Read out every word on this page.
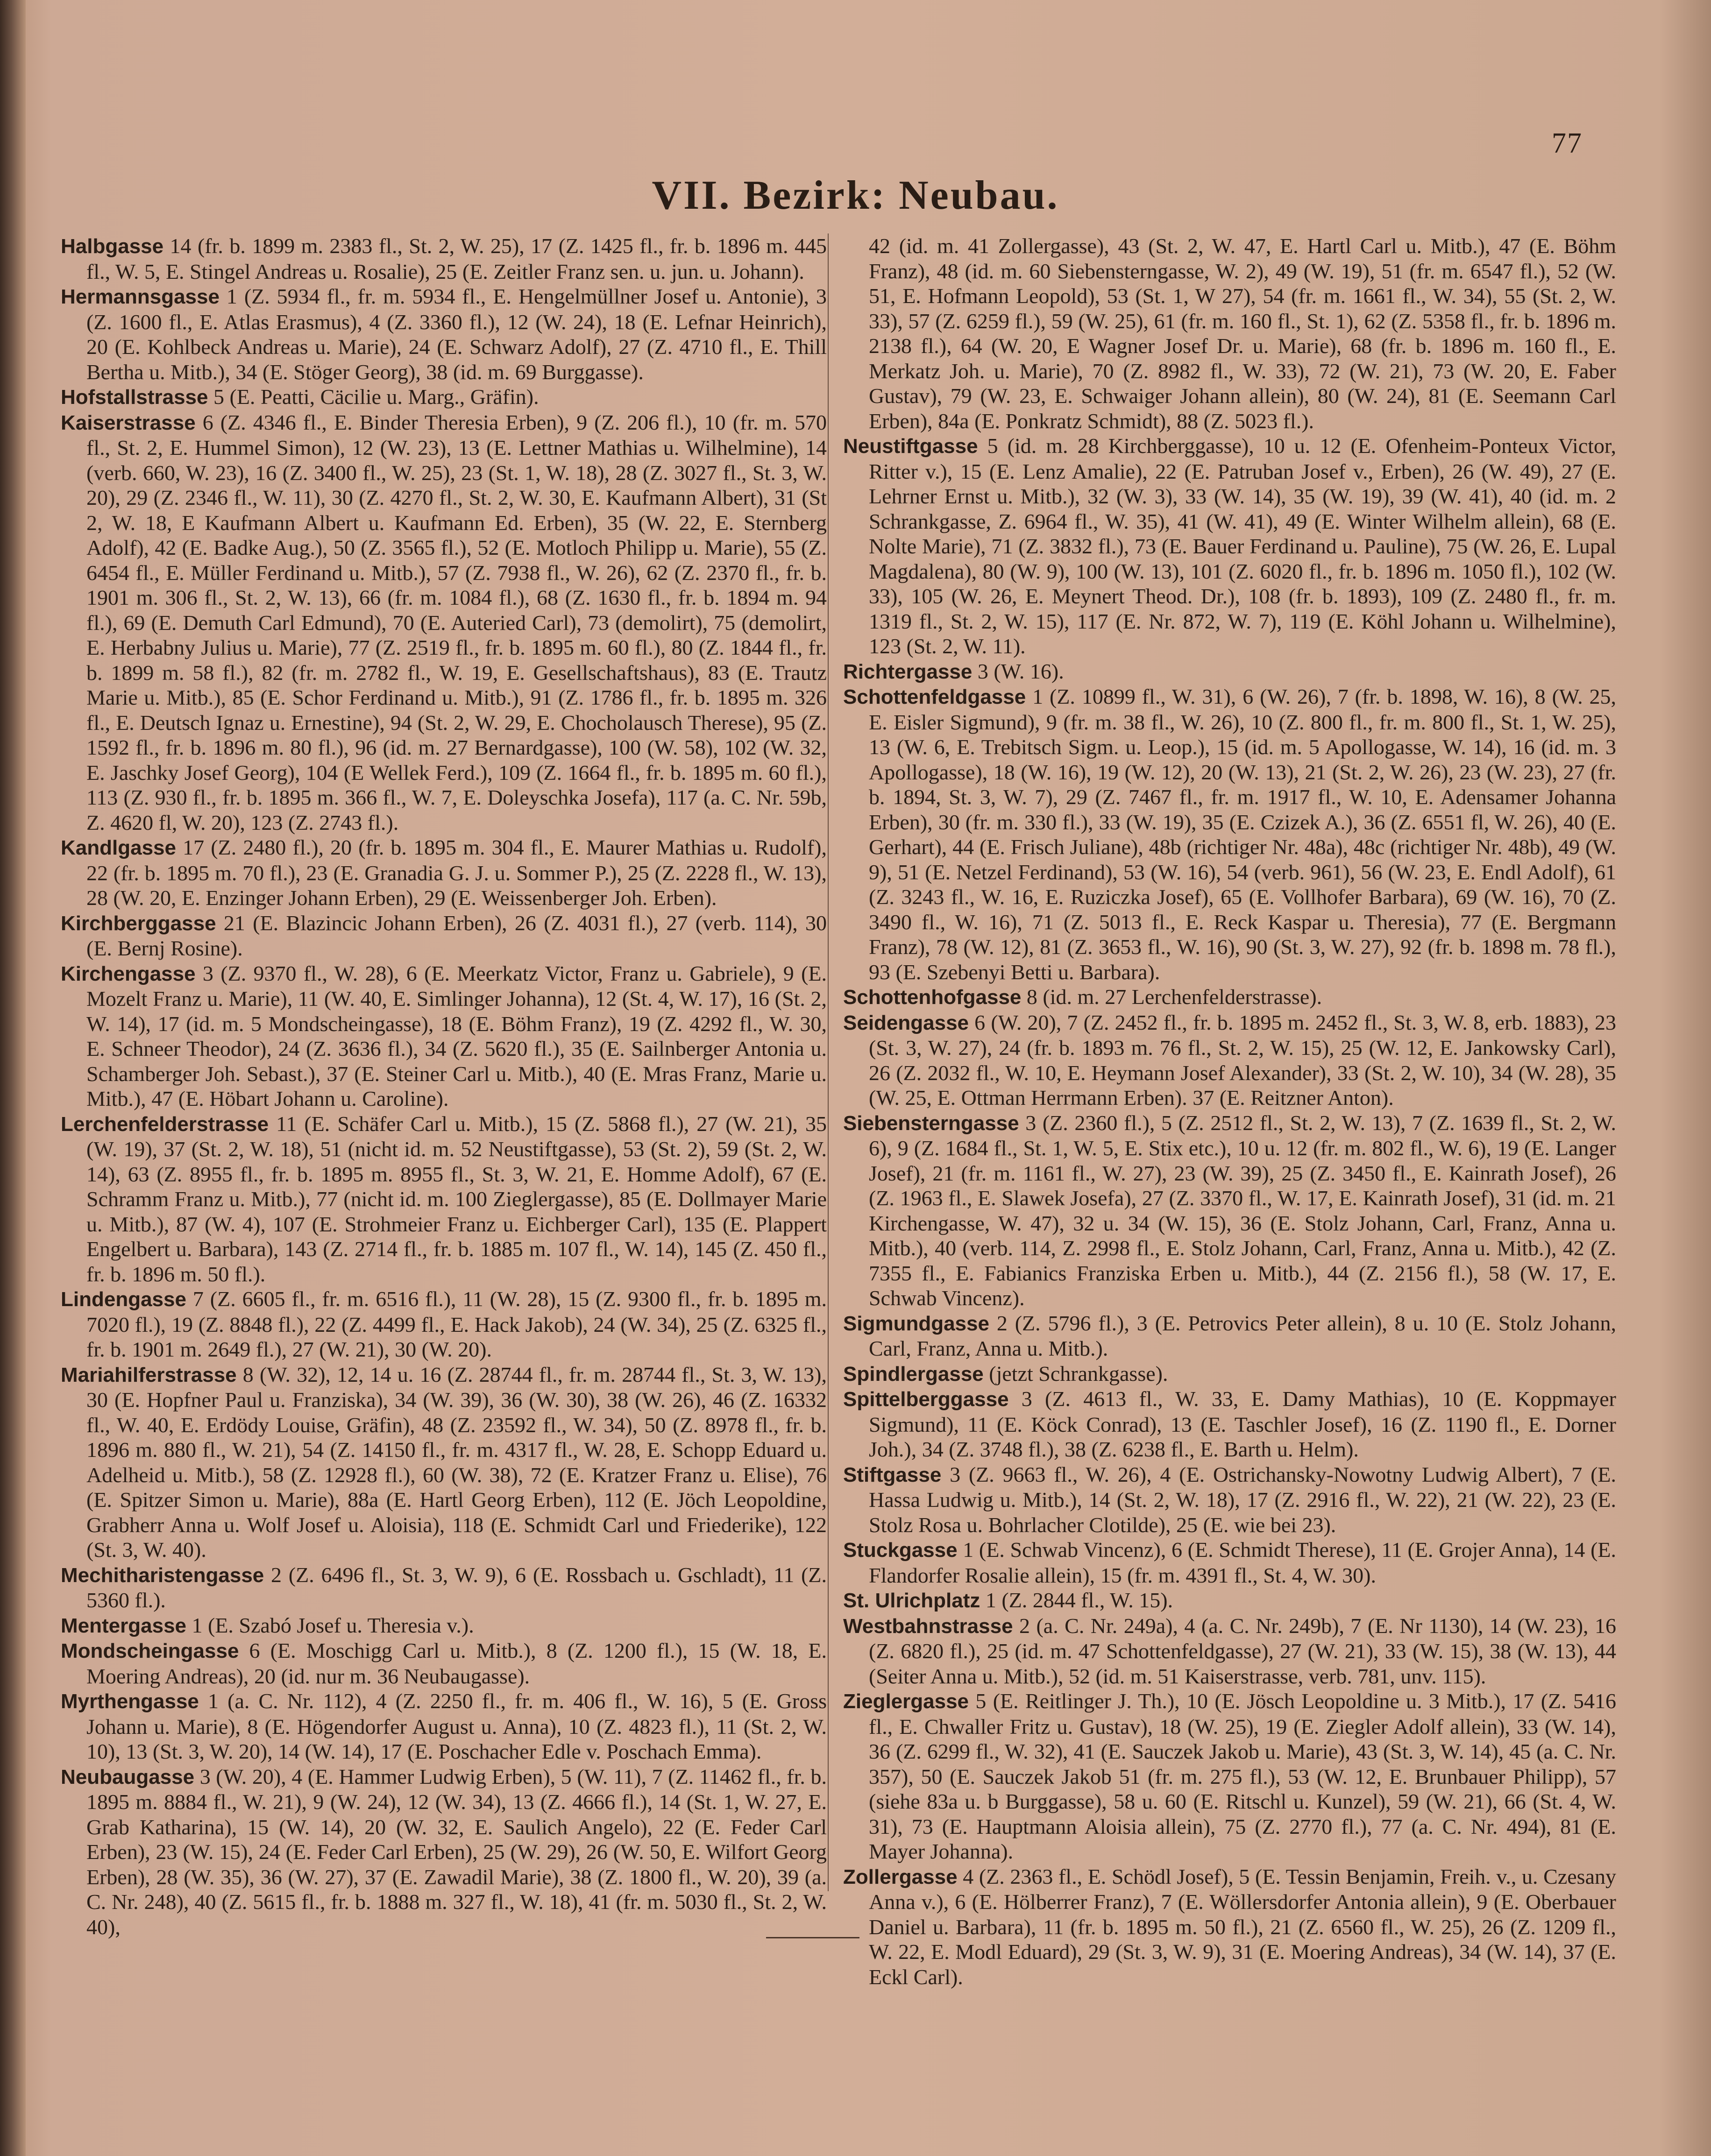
77
VII. Bezirk: Neubau.

Halbgasse 14 (fr. b. 1899 m. 2383 fl., St. 2, W. 25), 17 (Z. 1425 fl., fr. b. 1896 m. 445 fl., W. 5, E. Stingel Andreas u. Rosalie), 25 (E. Zeitler Franz sen. u. jun. u. Johann).

Hermannsgasse 1 (Z. 5934 fl., fr. m. 5934 fl., E. Hengelmüllner Josef u. Antonie), 3 (Z. 1600 fl., E. Atlas Erasmus), 4 (Z. 3360 fl.), 12 (W. 24), 18 (E. Lefnar Heinrich), 20 (E. Kohlbeck Andreas u. Marie), 24 (E. Schwarz Adolf), 27 (Z. 4710 fl., E. Thill Bertha u. Mitb.), 34 (E. Stöger Georg), 38 (id. m. 69 Burggasse).

Hofstallstrasse 5 (E. Peatti, Cäcilie u. Marg., Gräfin).

Kaiserstrasse 6 (Z. 4346 fl., E. Binder Theresia Erben), 9 (Z. 206 fl.), 10 (fr. m. 570 fl., St. 2, E. Hummel Simon), 12 (W. 23), 13 (E. Lettner Mathias u. Wilhelmine), 14 (verb. 660, W. 23), 16 (Z. 3400 fl., W. 25), 23 (St. 1, W. 18), 28 (Z. 3027 fl., St. 3, W. 20), 29 (Z. 2346 fl., W. 11), 30 (Z. 4270 fl., St. 2, W. 30, E. Kaufmann Albert), 31 (St 2, W. 18, E Kaufmann Albert u. Kaufmann Ed. Erben), 35 (W. 22, E. Sternberg Adolf), 42 (E. Badke Aug.), 50 (Z. 3565 fl.), 52 (E. Motloch Philipp u. Marie), 55 (Z. 6454 fl., E. Müller Ferdinand u. Mitb.), 57 (Z. 7938 fl., W. 26), 62 (Z. 2370 fl., fr. b. 1901 m. 306 fl., St. 2, W. 13), 66 (fr. m. 1084 fl.), 68 (Z. 1630 fl., fr. b. 1894 m. 94 fl.), 69 (E. Demuth Carl Edmund), 70 (E. Auteried Carl), 73 (demolirt), 75 (demolirt, E. Herbabny Julius u. Marie), 77 (Z. 2519 fl., fr. b. 1895 m. 60 fl.), 80 (Z. 1844 fl., fr. b. 1899 m. 58 fl.), 82 (fr. m. 2782 fl., W. 19, E. Gesellschaftshaus), 83 (E. Trautz Marie u. Mitb.), 85 (E. Schor Ferdinand u. Mitb.), 91 (Z. 1786 fl., fr. b. 1895 m. 326 fl., E. Deutsch Ignaz u. Ernestine), 94 (St. 2, W. 29, E. Chocholausch Therese), 95 (Z. 1592 fl., fr. b. 1896 m. 80 fl.), 96 (id. m. 27 Bernardgasse), 100 (W. 58), 102 (W. 32, E. Jaschky Josef Georg), 104 (E Wellek Ferd.), 109 (Z. 1664 fl., fr. b. 1895 m. 60 fl.), 113 (Z. 930 fl., fr. b. 1895 m. 366 fl., W. 7, E. Doleyschka Josefa), 117 (a. C. Nr. 59b, Z. 4620 fl, W. 20), 123 (Z. 2743 fl.).

Kandlgasse 17 (Z. 2480 fl.), 20 (fr. b. 1895 m. 304 fl., E. Maurer Mathias u. Rudolf), 22 (fr. b. 1895 m. 70 fl.), 23 (E. Granadia G. J. u. Sommer P.), 25 (Z. 2228 fl., W. 13), 28 (W. 20, E. Enzinger Johann Erben), 29 (E. Weissenberger Joh. Erben).

Kirchberggasse 21 (E. Blazincic Johann Erben), 26 (Z. 4031 fl.), 27 (verb. 114), 30 (E. Bernj Rosine).

Kirchengasse 3 (Z. 9370 fl., W. 28), 6 (E. Meerkatz Victor, Franz u. Gabriele), 9 (E. Mozelt Franz u. Marie), 11 (W. 40, E. Simlinger Johanna), 12 (St. 4, W. 17), 16 (St. 2, W. 14), 17 (id. m. 5 Mondscheingasse), 18 (E. Böhm Franz), 19 (Z. 4292 fl., W. 30, E. Schneer Theodor), 24 (Z. 3636 fl.), 34 (Z. 5620 fl.), 35 (E. Sailnberger Antonia u. Schamberger Joh. Sebast.), 37 (E. Steiner Carl u. Mitb.), 40 (E. Mras Franz, Marie u. Mitb.), 47 (E. Höbart Johann u. Caroline).

Lerchenfelderstrasse 11 (E. Schäfer Carl u. Mitb.), 15 (Z. 5868 fl.), 27 (W. 21), 35 (W. 19), 37 (St. 2, W. 18), 51 (nicht id. m. 52 Neustiftgasse), 53 (St. 2), 59 (St. 2, W. 14), 63 (Z. 8955 fl., fr. b. 1895 m. 8955 fl., St. 3, W. 21, E. Homme Adolf), 67 (E. Schramm Franz u. Mitb.), 77 (nicht id. m. 100 Zieglergasse), 85 (E. Dollmayer Marie u. Mitb.), 87 (W. 4), 107 (E. Strohmeier Franz u. Eichberger Carl), 135 (E. Plappert Engelbert u. Barbara), 143 (Z. 2714 fl., fr. b. 1885 m. 107 fl., W. 14), 145 (Z. 450 fl., fr. b. 1896 m. 50 fl.).

Lindengasse 7 (Z. 6605 fl., fr. m. 6516 fl.), 11 (W. 28), 15 (Z. 9300 fl., fr. b. 1895 m. 7020 fl.), 19 (Z. 8848 fl.), 22 (Z. 4499 fl., E. Hack Jakob), 24 (W. 34), 25 (Z. 6325 fl., fr. b. 1901 m. 2649 fl.), 27 (W. 21), 30 (W. 20).

Mariahilferstrasse 8 (W. 32), 12, 14 u. 16 (Z. 28744 fl., fr. m. 28744 fl., St. 3, W. 13), 30 (E. Hopfner Paul u. Franziska), 34 (W. 39), 36 (W. 30), 38 (W. 26), 46 (Z. 16332 fl., W. 40, E. Erdödy Louise, Gräfin), 48 (Z. 23592 fl., W. 34), 50 (Z. 8978 fl., fr. b. 1896 m. 880 fl., W. 21), 54 (Z. 14150 fl., fr. m. 4317 fl., W. 28, E. Schopp Eduard u. Adelheid u. Mitb.), 58 (Z. 12928 fl.), 60 (W. 38), 72 (E. Kratzer Franz u. Elise), 76 (E. Spitzer Simon u. Marie), 88a (E. Hartl Georg Erben), 112 (E. Jöch Leopoldine, Grabherr Anna u. Wolf Josef u. Aloisia), 118 (E. Schmidt Carl und Friederike), 122 (St. 3, W. 40).

Mechitharistengasse 2 (Z. 6496 fl., St. 3, W. 9), 6 (E. Rossbach u. Gschladt), 11 (Z. 5360 fl.).

Mentergasse 1 (E. Szabó Josef u. Theresia v.).

Mondscheingasse 6 (E. Moschigg Carl u. Mitb.), 8 (Z. 1200 fl.), 15 (W. 18, E. Moering Andreas), 20 (id. nur m. 36 Neubaugasse).

Myrthengasse 1 (a. C. Nr. 112), 4 (Z. 2250 fl., fr. m. 406 fl., W. 16), 5 (E. Gross Johann u. Marie), 8 (E. Högendorfer August u. Anna), 10 (Z. 4823 fl.), 11 (St. 2, W. 10), 13 (St. 3, W. 20), 14 (W. 14), 17 (E. Poschacher Edle v. Poschach Emma).

Neubaugasse 3 (W. 20), 4 (E. Hammer Ludwig Erben), 5 (W. 11), 7 (Z. 11462 fl., fr. b. 1895 m. 8884 fl., W. 21), 9 (W. 24), 12 (W. 34), 13 (Z. 4666 fl.), 14 (St. 1, W. 27, E. Grab Katharina), 15 (W. 14), 20 (W. 32, E. Saulich Angelo), 22 (E. Feder Carl Erben), 23 (W. 15), 24 (E. Feder Carl Erben), 25 (W. 29), 26 (W. 50, E. Wilfort Georg Erben), 28 (W. 35), 36 (W. 27), 37 (E. Zawadil Marie), 38 (Z. 1800 fl., W. 20), 39 (a. C. Nr. 248), 40 (Z. 5615 fl., fr. b. 1888 m. 327 fl., W. 18), 41 (fr. m. 5030 fl., St. 2, W. 40),

42 (id. m. 41 Zollergasse), 43 (St. 2, W. 47, E. Hartl Carl u. Mitb.), 47 (E. Böhm Franz), 48 (id. m. 60 Siebensterngasse, W. 2), 49 (W. 19), 51 (fr. m. 6547 fl.), 52 (W. 51, E. Hofmann Leopold), 53 (St. 1, W 27), 54 (fr. m. 1661 fl., W. 34), 55 (St. 2, W. 33), 57 (Z. 6259 fl.), 59 (W. 25), 61 (fr. m. 160 fl., St. 1), 62 (Z. 5358 fl., fr. b. 1896 m. 2138 fl.), 64 (W. 20, E Wagner Josef Dr. u. Marie), 68 (fr. b. 1896 m. 160 fl., E. Merkatz Joh. u. Marie), 70 (Z. 8982 fl., W. 33), 72 (W. 21), 73 (W. 20, E. Faber Gustav), 79 (W. 23, E. Schwaiger Johann allein), 80 (W. 24), 81 (E. Seemann Carl Erben), 84a (E. Ponkratz Schmidt), 88 (Z. 5023 fl.).

Neustiftgasse 5 (id. m. 28 Kirchberggasse), 10 u. 12 (E. Ofenheim-Ponteux Victor, Ritter v.), 15 (E. Lenz Amalie), 22 (E. Patruban Josef v., Erben), 26 (W. 49), 27 (E. Lehrner Ernst u. Mitb.), 32 (W. 3), 33 (W. 14), 35 (W. 19), 39 (W. 41), 40 (id. m. 2 Schrankgasse, Z. 6964 fl., W. 35), 41 (W. 41), 49 (E. Winter Wilhelm allein), 68 (E. Nolte Marie), 71 (Z. 3832 fl.), 73 (E. Bauer Ferdinand u. Pauline), 75 (W. 26, E. Lupal Magdalena), 80 (W. 9), 100 (W. 13), 101 (Z. 6020 fl., fr. b. 1896 m. 1050 fl.), 102 (W. 33), 105 (W. 26, E. Meynert Theod. Dr.), 108 (fr. b. 1893), 109 (Z. 2480 fl., fr. m. 1319 fl., St. 2, W. 15), 117 (E. Nr. 872, W. 7), 119 (E. Köhl Johann u. Wilhelmine), 123 (St. 2, W. 11).

Richtergasse 3 (W. 16).

Schottenfeldgasse 1 (Z. 10899 fl., W. 31), 6 (W. 26), 7 (fr. b. 1898, W. 16), 8 (W. 25, E. Eisler Sigmund), 9 (fr. m. 38 fl., W. 26), 10 (Z. 800 fl., fr. m. 800 fl., St. 1, W. 25), 13 (W. 6, E. Trebitsch Sigm. u. Leop.), 15 (id. m. 5 Apollogasse, W. 14), 16 (id. m. 3 Apollogasse), 18 (W. 16), 19 (W. 12), 20 (W. 13), 21 (St. 2, W. 26), 23 (W. 23), 27 (fr. b. 1894, St. 3, W. 7), 29 (Z. 7467 fl., fr. m. 1917 fl., W. 10, E. Adensamer Johanna Erben), 30 (fr. m. 330 fl.), 33 (W. 19), 35 (E. Czizek A.), 36 (Z. 6551 fl, W. 26), 40 (E. Gerhart), 44 (E. Frisch Juliane), 48b (richtiger Nr. 48a), 48c (richtiger Nr. 48b), 49 (W. 9), 51 (E. Netzel Ferdinand), 53 (W. 16), 54 (verb. 961), 56 (W. 23, E. Endl Adolf), 61 (Z. 3243 fl., W. 16, E. Ruziczka Josef), 65 (E. Vollhofer Barbara), 69 (W. 16), 70 (Z. 3490 fl., W. 16), 71 (Z. 5013 fl., E. Reck Kaspar u. Theresia), 77 (E. Bergmann Franz), 78 (W. 12), 81 (Z. 3653 fl., W. 16), 90 (St. 3, W. 27), 92 (fr. b. 1898 m. 78 fl.), 93 (E. Szebenyi Betti u. Barbara).

Schottenhofgasse 8 (id. m. 27 Lerchenfelderstrasse).

Seidengasse 6 (W. 20), 7 (Z. 2452 fl., fr. b. 1895 m. 2452 fl., St. 3, W. 8, erb. 1883), 23 (St. 3, W. 27), 24 (fr. b. 1893 m. 76 fl., St. 2, W. 15), 25 (W. 12, E. Jankowsky Carl), 26 (Z. 2032 fl., W. 10, E. Heymann Josef Alexander), 33 (St. 2, W. 10), 34 (W. 28), 35 (W. 25, E. Ottman Herrmann Erben). 37 (E. Reitzner Anton).

Siebensterngasse 3 (Z. 2360 fl.), 5 (Z. 2512 fl., St. 2, W. 13), 7 (Z. 1639 fl., St. 2, W. 6), 9 (Z. 1684 fl., St. 1, W. 5, E. Stix etc.), 10 u. 12 (fr. m. 802 fl., W. 6), 19 (E. Langer Josef), 21 (fr. m. 1161 fl., W. 27), 23 (W. 39), 25 (Z. 3450 fl., E. Kainrath Josef), 26 (Z. 1963 fl., E. Slawek Josefa), 27 (Z. 3370 fl., W. 17, E. Kainrath Josef), 31 (id. m. 21 Kirchengasse, W. 47), 32 u. 34 (W. 15), 36 (E. Stolz Johann, Carl, Franz, Anna u. Mitb.), 40 (verb. 114, Z. 2998 fl., E. Stolz Johann, Carl, Franz, Anna u. Mitb.), 42 (Z. 7355 fl., E. Fabianics Franziska Erben u. Mitb.), 44 (Z. 2156 fl.), 58 (W. 17, E. Schwab Vincenz).

Sigmundgasse 2 (Z. 5796 fl.), 3 (E. Petrovics Peter allein), 8 u. 10 (E. Stolz Johann, Carl, Franz, Anna u. Mitb.).

Spindlergasse (jetzt Schrankgasse).

Spittelberggasse 3 (Z. 4613 fl., W. 33, E. Damy Mathias), 10 (E. Koppmayer Sigmund), 11 (E. Köck Conrad), 13 (E. Taschler Josef), 16 (Z. 1190 fl., E. Dorner Joh.), 34 (Z. 3748 fl.), 38 (Z. 6238 fl., E. Barth u. Helm).

Stiftgasse 3 (Z. 9663 fl., W. 26), 4 (E. Ostrichansky-Nowotny Ludwig Albert), 7 (E. Hassa Ludwig u. Mitb.), 14 (St. 2, W. 18), 17 (Z. 2916 fl., W. 22), 21 (W. 22), 23 (E. Stolz Rosa u. Bohrlacher Clotilde), 25 (E. wie bei 23).

Stuckgasse 1 (E. Schwab Vincenz), 6 (E. Schmidt Therese), 11 (E. Grojer Anna), 14 (E. Flandorfer Rosalie allein), 15 (fr. m. 4391 fl., St. 4, W. 30).

St. Ulrichplatz 1 (Z. 2844 fl., W. 15).

Westbahnstrasse 2 (a. C. Nr. 249a), 4 (a. C. Nr. 249b), 7 (E. Nr 1130), 14 (W. 23), 16 (Z. 6820 fl.), 25 (id. m. 47 Schottenfeldgasse), 27 (W. 21), 33 (W. 15), 38 (W. 13), 44 (Seiter Anna u. Mitb.), 52 (id. m. 51 Kaiserstrasse, verb. 781, unv. 115).

Zieglergasse 5 (E. Reitlinger J. Th.), 10 (E. Jösch Leopoldine u. 3 Mitb.), 17 (Z. 5416 fl., E. Chwaller Fritz u. Gustav), 18 (W. 25), 19 (E. Ziegler Adolf allein), 33 (W. 14), 36 (Z. 6299 fl., W. 32), 41 (E. Sauczek Jakob u. Marie), 43 (St. 3, W. 14), 45 (a. C. Nr. 357), 50 (E. Sauczek Jakob 51 (fr. m. 275 fl.), 53 (W. 12, E. Brunbauer Philipp), 57 (siehe 83a u. b Burggasse), 58 u. 60 (E. Ritschl u. Kunzel), 59 (W. 21), 66 (St. 4, W. 31), 73 (E. Hauptmann Aloisia allein), 75 (Z. 2770 fl.), 77 (a. C. Nr. 494), 81 (E. Mayer Johanna).

Zollergasse 4 (Z. 2363 fl., E. Schödl Josef), 5 (E. Tessin Benjamin, Freih. v., u. Czesany Anna v.), 6 (E. Hölberrer Franz), 7 (E. Wöllersdorfer Antonia allein), 9 (E. Oberbauer Daniel u. Barbara), 11 (fr. b. 1895 m. 50 fl.), 21 (Z. 6560 fl., W. 25), 26 (Z. 1209 fl., W. 22, E. Modl Eduard), 29 (St. 3, W. 9), 31 (E. Moering Andreas), 34 (W. 14), 37 (E. Eckl Carl).
